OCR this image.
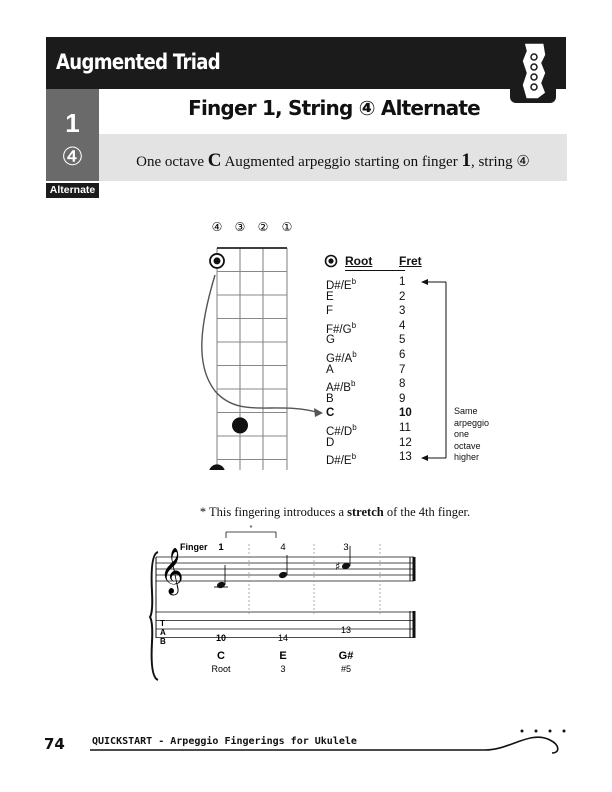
Augmented Triad
1
④
Alternate
Finger 1, String ④ Alternate
One octave C Augmented arpeggio starting on finger 1, string ④
④ ③ ② ①
Root Fret
$D\#/E^b$	1
E	2
F	3
$F\#/G^b$	4
G	5
$G\#/A^b$	6
A	7
$A\#/B^b$	8
B	9
C	10
$C\#/D^b$	11
D	12
$D\#/E^b$	13
Same
arpeggio
one
octave
higher
* This fingering introduces a stretch of the 4th finger.
*
Finger 1	4	3
𝄞
T
A
B
♯
10	14
13
C
Root
E
3
G#
#5
74	QUICKSTART - Arpeggio Fingerings for Ukulele
